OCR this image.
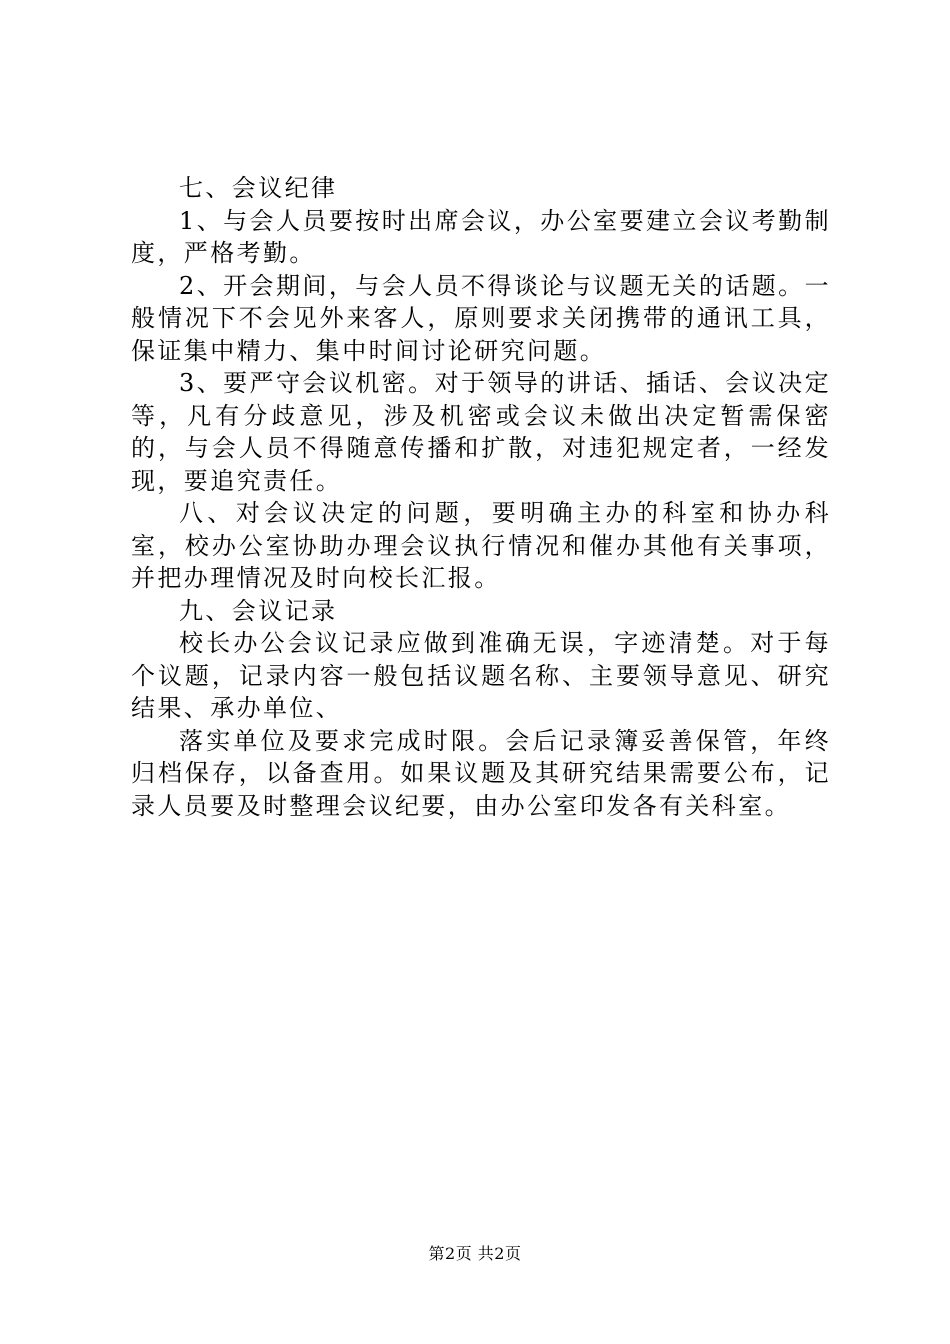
七、会议纪律

1、与会人员要按时出席会议，办公室要建立会议考勤制度，严格考勤。

2、开会期间，与会人员不得谈论与议题无关的话题。一般情况下不会见外来客人，原则要求关闭携带的通讯工具，保证集中精力、集中时间讨论研究问题。

3、要严守会议机密。对于领导的讲话、插话、会议决定等，凡有分歧意见，涉及机密或会议未做出决定暂需保密的，与会人员不得随意传播和扩散，对违犯规定者，一经发现，要追究责任。

八、对会议决定的问题，要明确主办的科室和协办科室，校办公室协助办理会议执行情况和催办其他有关事项，并把办理情况及时向校长汇报。

九、会议记录

校长办公会议记录应做到准确无误，字迹清楚。对于每个议题，记录内容一般包括议题名称、主要领导意见、研究结果、承办单位、

落实单位及要求完成时限。会后记录簿妥善保管，年终归档保存，以备查用。如果议题及其研究结果需要公布，记录人员要及时整理会议纪要，由办公室印发各有关科室。

第2页 共2页
